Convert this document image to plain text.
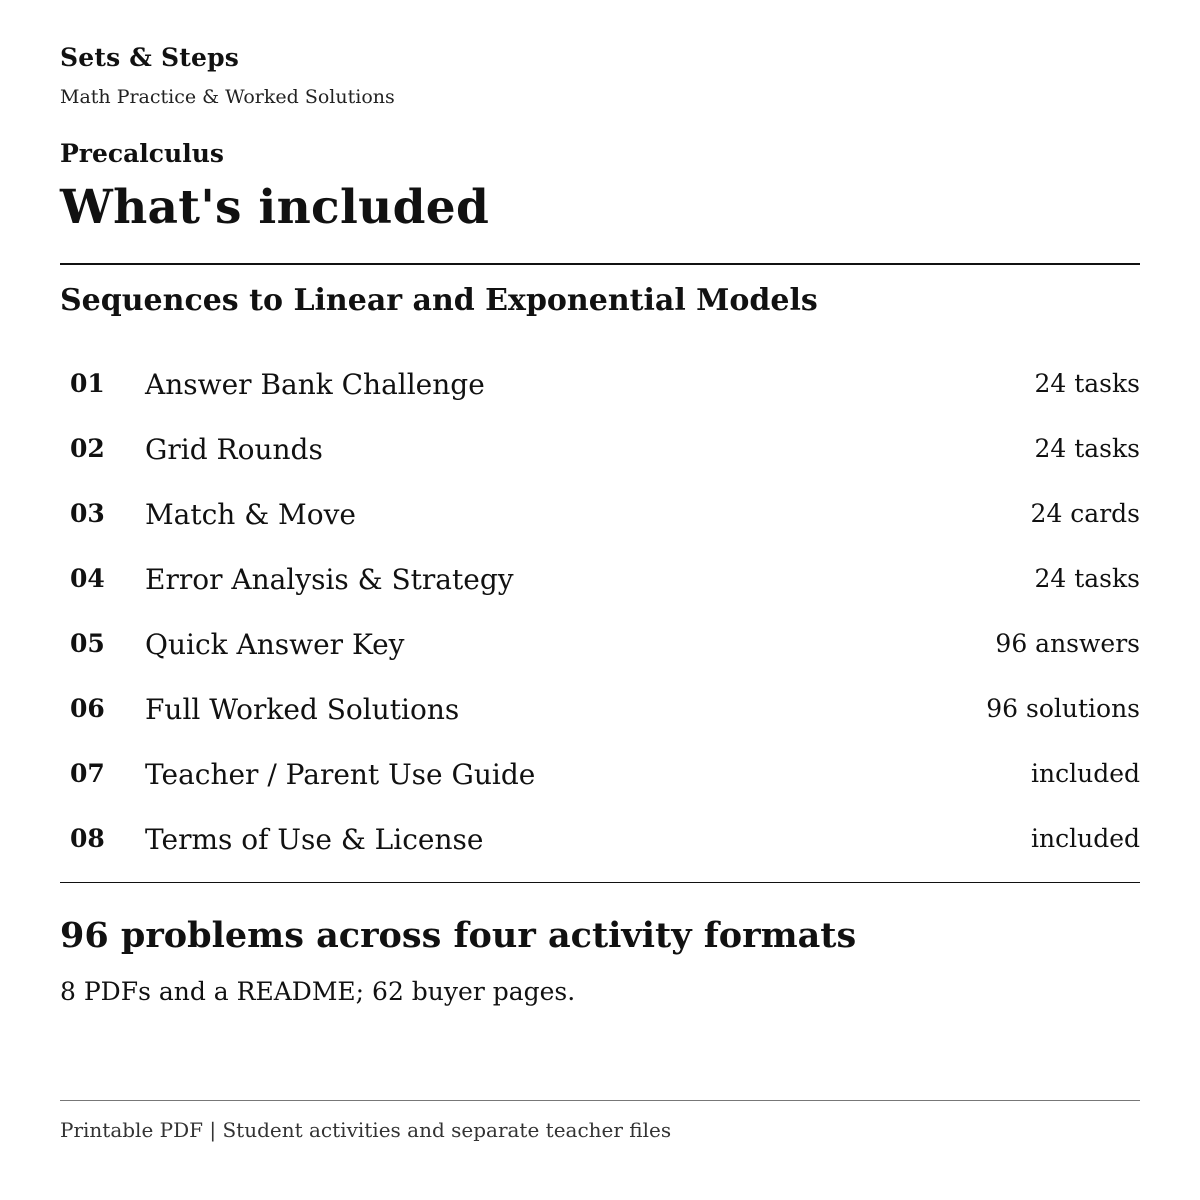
Sets & Steps
Math Practice & Worked Solutions
Precalculus
What's included
Sequences to Linear and Exponential Models
01 Answer Bank Challenge	24 tasks
02 Grid Rounds	24 tasks
03 Match & Move	24 cards
04 Error Analysis & Strategy	24 tasks
05 Quick Answer Key	96 answers
06 Full Worked Solutions	96 solutions
07 Teacher / Parent Use Guide	included
08 Terms of Use & License	included
96 problems across four activity formats

8 PDFs and a README; 62 buyer pages.

Printable PDF | Student activities and separate teacher files
